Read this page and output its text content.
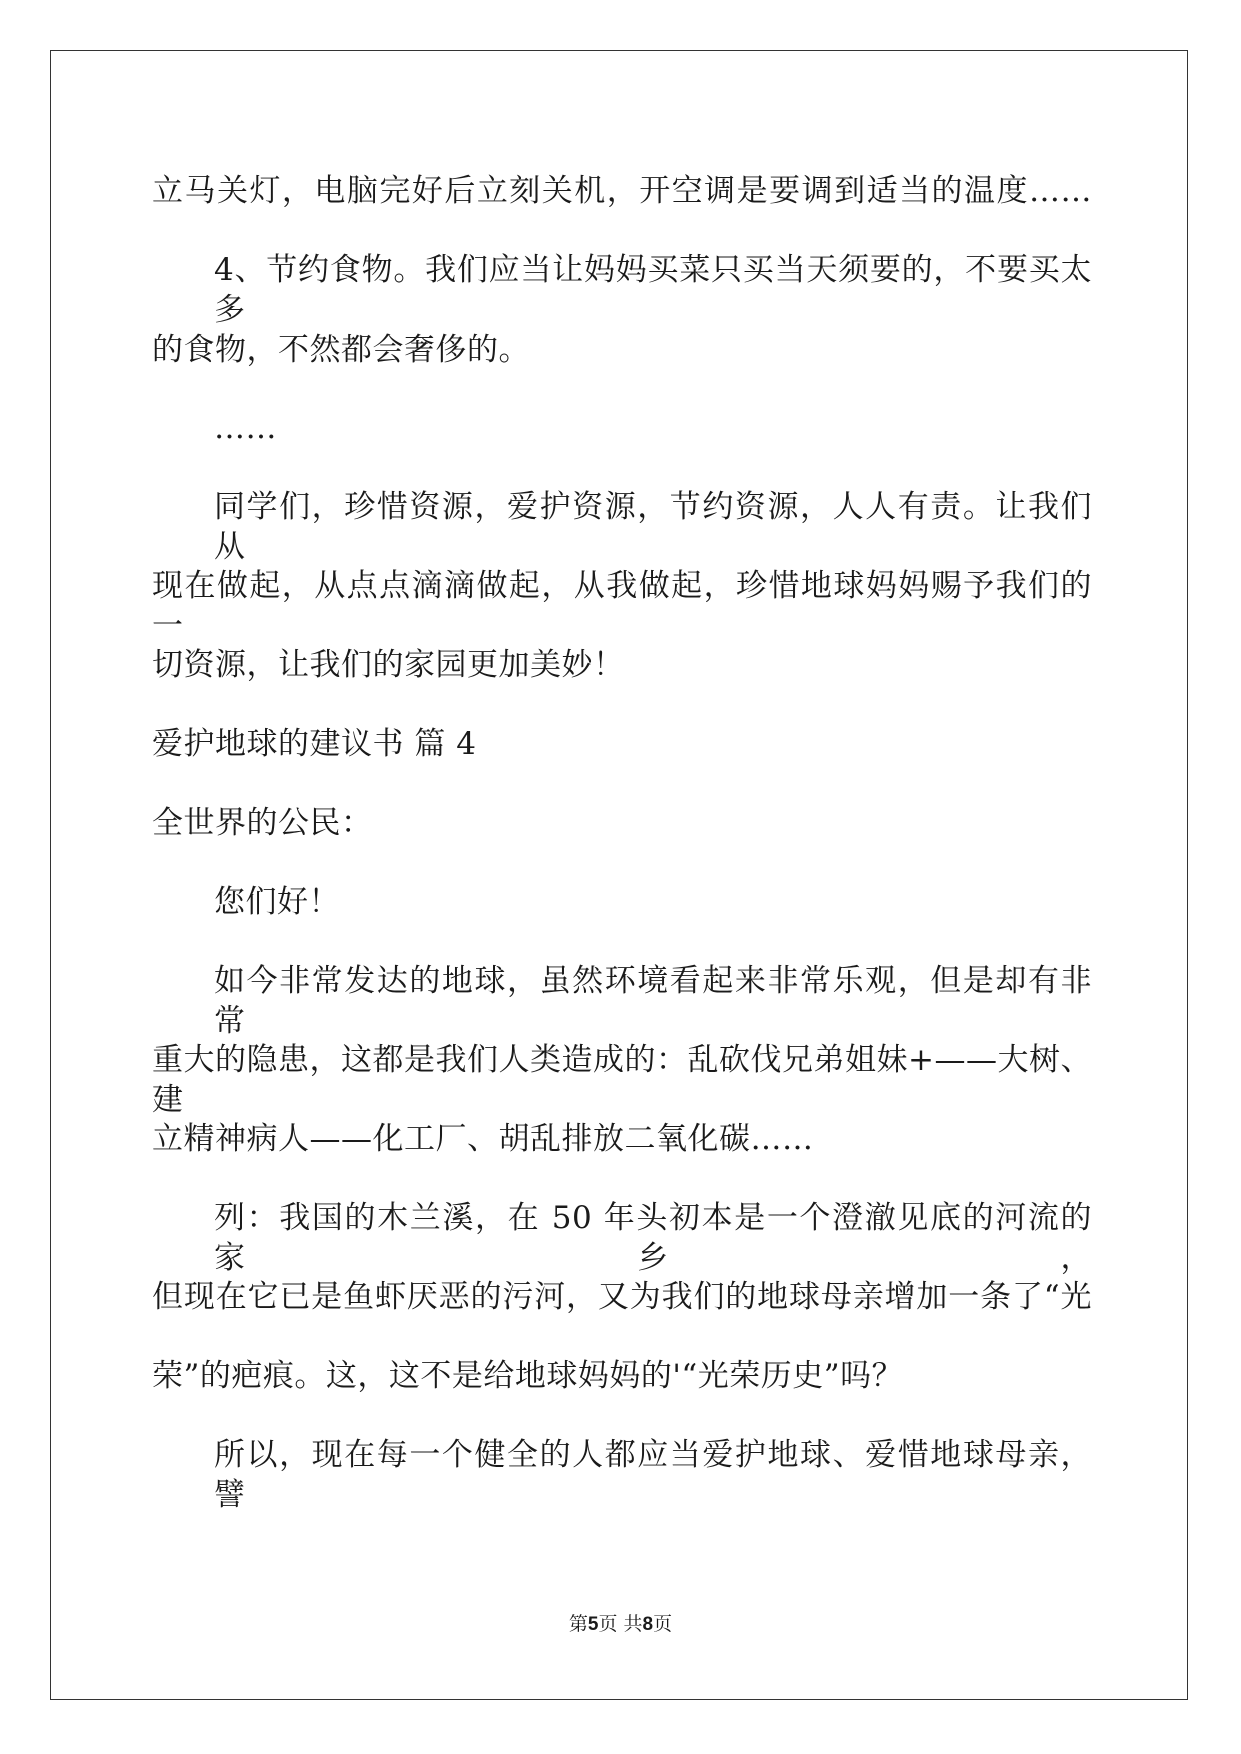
立马关灯，电脑完好后立刻关机，开空调是要调到适当的温度……
4、节约食物。我们应当让妈妈买菜只买当天须要的，不要买太多
的食物，不然都会奢侈的。
……
同学们，珍惜资源，爱护资源，节约资源，人人有责。让我们从
现在做起，从点点滴滴做起，从我做起，珍惜地球妈妈赐予我们的一
切资源，让我们的家园更加美妙！
爱护地球的建议书 篇 4
全世界的公民：
您们好！
如今非常发达的地球，虽然环境看起来非常乐观，但是却有非常
重大的隐患，这都是我们人类造成的：乱砍伐兄弟姐妹+——大树、建
立精神病人——化工厂、胡乱排放二氧化碳……
列：我国的木兰溪，在 50 年头初本是一个澄澈见底的河流的家乡，
但现在它已是鱼虾厌恶的污河，又为我们的地球母亲增加一条了“光
荣”的疤痕。这，这不是给地球妈妈的'“光荣历史”吗？
所以，现在每一个健全的人都应当爱护地球、爱惜地球母亲，譬
第5页 共8页
